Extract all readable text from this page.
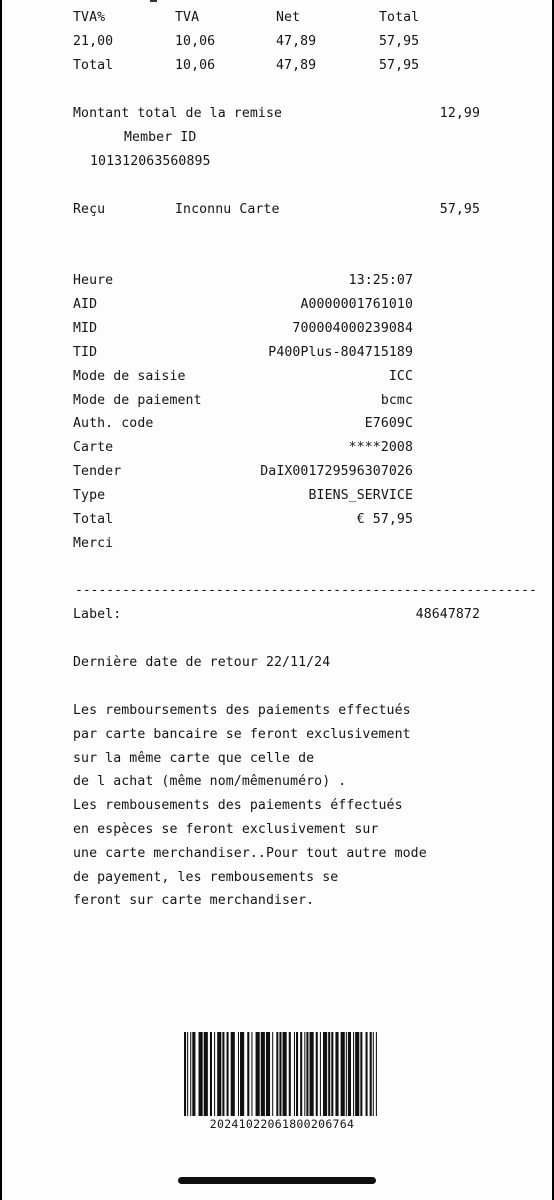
TVA%	TVA	Net	Total
21,00	10,06	47,89	57,95
Total	10,06	47,89	57,95
Montant total de la remise	12,99
Member ID
101312063560895
Reçu	Inconnu Carte	57,95
Heure	13:25:07
AID	A0000001761010
MID	700004000239084
TID	P400Plus-804715189
Mode de saisie	ICC
Mode de paiement	bcmc
Auth. code	E7609C
Carte	****2008
Tender	DaIX001729596307026
Type	BIENS_SERVICE
Total	€ 57,95
Merci
-----------------------------------------------------------
Label:	48647872
Dernière date de retour 22/11/24
Les remboursements des paiements effectués
par carte bancaire se feront exclusivement
sur la même carte que celle de
de l achat (même nom/mêmenuméro) .
Les rembousements des paiements éffectués
en espèces se feront exclusivement sur
une carte merchandiser..Pour tout autre mode
de payement, les rembousements se
feront sur carte merchandiser.
20241022061800206764
